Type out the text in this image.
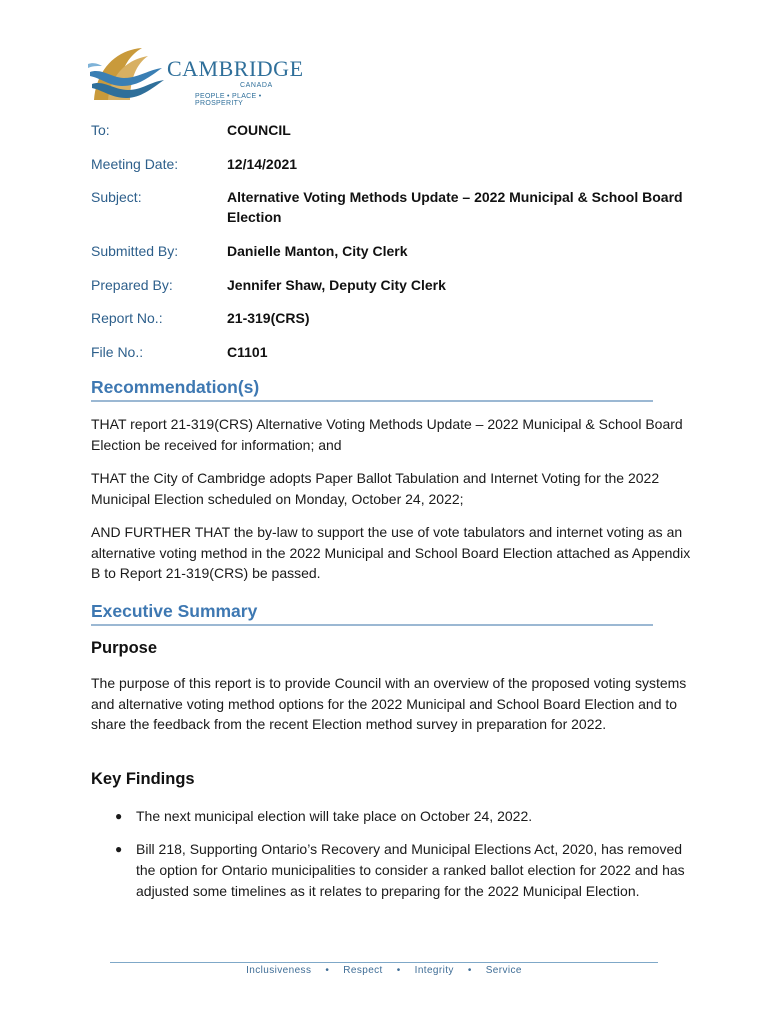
CAMBRIDGE
CANADA
PEOPLE • PLACE • PROSPERITY
To:	COUNCIL
Meeting Date:	12/14/2021
Subject:	Alternative Voting Methods Update – 2022 Municipal & School Board Election
Submitted By:	Danielle Manton, City Clerk
Prepared By:	Jennifer Shaw, Deputy City Clerk
Report No.:	21-319(CRS)
File No.:	C1101
Recommendation(s)
THAT report 21-319(CRS) Alternative Voting Methods Update – 2022 Municipal & School Board Election be received for information; and
THAT the City of Cambridge adopts Paper Ballot Tabulation and Internet Voting for the 2022 Municipal Election scheduled on Monday, October 24, 2022;
AND FURTHER THAT the by-law to support the use of vote tabulators and internet voting as an alternative voting method in the 2022 Municipal and School Board Election attached as Appendix B to Report 21-319(CRS) be passed.
Executive Summary
Purpose
The purpose of this report is to provide Council with an overview of the proposed voting systems and alternative voting method options for the 2022 Municipal and School Board Election and to share the feedback from the recent Election method survey in preparation for 2022.
Key Findings
● The next municipal election will take place on October 24, 2022.
● Bill 218, Supporting Ontario’s Recovery and Municipal Elections Act, 2020, has removed the option for Ontario municipalities to consider a ranked ballot election for 2022 and has adjusted some timelines as it relates to preparing for the 2022 Municipal Election.
Inclusiveness • Respect • Integrity • Service
